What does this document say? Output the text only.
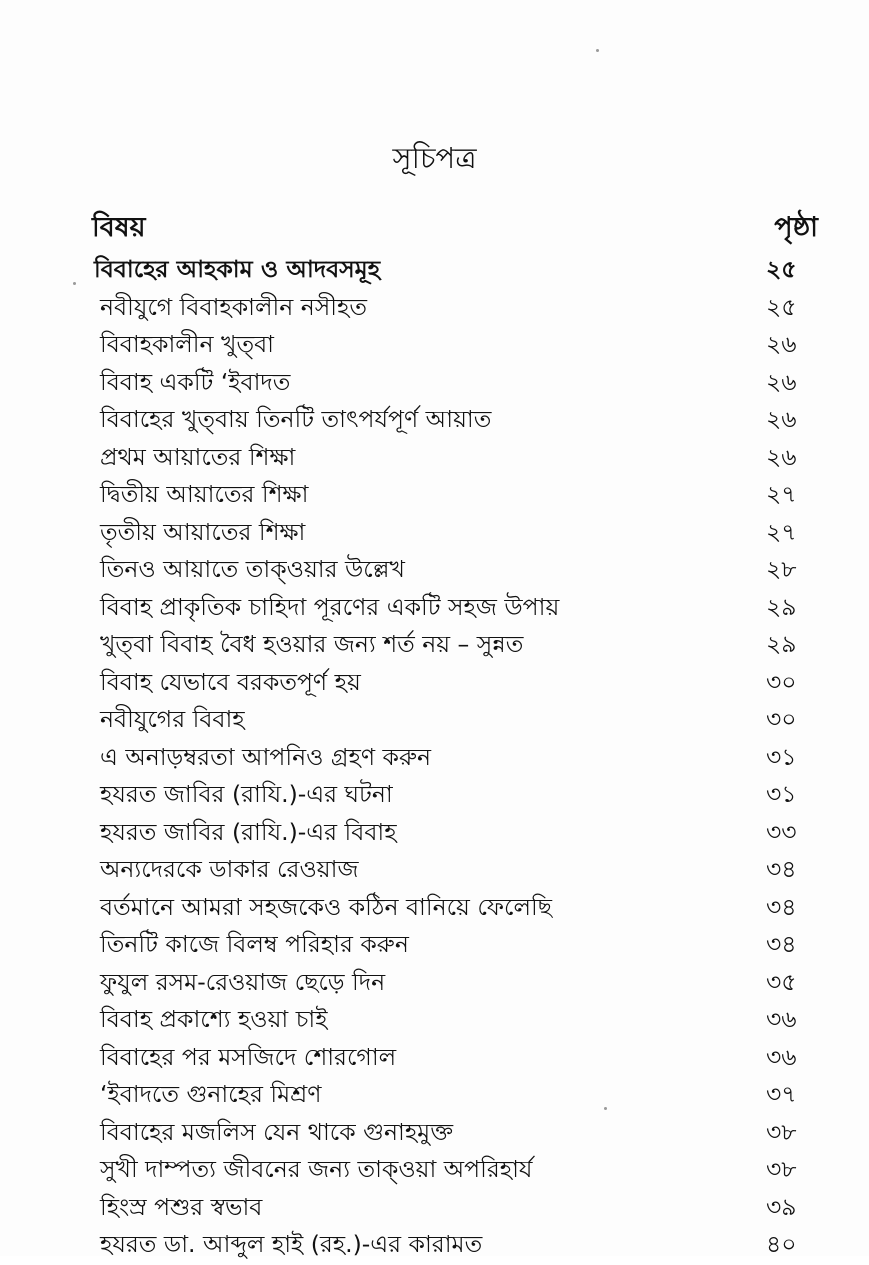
সূচিপত্র
বিষয়	পৃষ্ঠা
বিবাহের আহকাম ও আদবসমূহ	২৫
নবীযুগে বিবাহকালীন নসীহত	২৫
বিবাহকালীন খুত্‌বা	২৬
বিবাহ একটি ‘ইবাদত	২৬
বিবাহের খুত্‌বায় তিনটি তাৎপর্যপূর্ণ আয়াত	২৬
প্রথম আয়াতের শিক্ষা	২৬
দ্বিতীয় আয়াতের শিক্ষা	২৭
তৃতীয় আয়াতের শিক্ষা	২৭
তিনও আয়াতে তাক্‌ওয়ার উল্লেখ	২৮
বিবাহ প্রাকৃতিক চাহিদা পূরণের একটি সহজ উপায়	২৯
খুত্‌বা বিবাহ বৈধ হওয়ার জন্য শর্ত নয় – সুন্নত	২৯
বিবাহ যেভাবে বরকতপূর্ণ হয়	৩০
নবীযুগের বিবাহ	৩০
এ অনাড়ম্বরতা আপনিও গ্রহণ করুন	৩১
হযরত জাবির (রাযি.)-এর ঘটনা	৩১
হযরত জাবির (রাযি.)-এর বিবাহ	৩৩
অন্যদেরকে ডাকার রেওয়াজ	৩৪
বর্তমানে আমরা সহজকেও কঠিন বানিয়ে ফেলেছি	৩৪
তিনটি কাজে বিলম্ব পরিহার করুন	৩৪
ফুযুল রসম-রেওয়াজ ছেড়ে দিন	৩৫
বিবাহ প্রকাশ্যে হওয়া চাই	৩৬
বিবাহের পর মসজিদে শোরগোল	৩৬
‘ইবাদতে গুনাহের মিশ্রণ	৩৭
বিবাহের মজলিস যেন থাকে গুনাহমুক্ত	৩৮
সুখী দাম্পত্য জীবনের জন্য তাক্‌ওয়া অপরিহার্য	৩৮
হিংস্র পশুর স্বভাব	৩৯
হযরত ডা. আব্দুল হাই (রহ.)-এর কারামত	৪০
